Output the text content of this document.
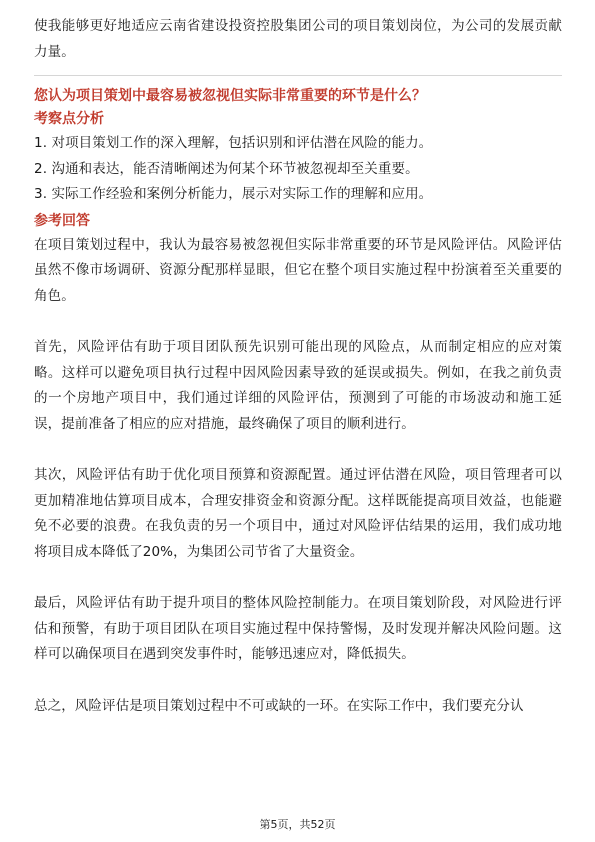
使我能够更好地适应云南省建设投资控股集团公司的项目策划岗位，为公司的发展贡献力量。

您认为项目策划中最容易被忽视但实际非常重要的环节是什么？

考察点分析

1. 对项目策划工作的深入理解，包括识别和评估潜在风险的能力。

2. 沟通和表达，能否清晰阐述为何某个环节被忽视却至关重要。

3. 实际工作经验和案例分析能力，展示对实际工作的理解和应用。

参考回答

在项目策划过程中，我认为最容易被忽视但实际非常重要的环节是风险评估。风险评估虽然不像市场调研、资源分配那样显眼，但它在整个项目实施过程中扮演着至关重要的角色。

首先，风险评估有助于项目团队预先识别可能出现的风险点，从而制定相应的应对策略。这样可以避免项目执行过程中因风险因素导致的延误或损失。例如，在我之前负责的一个房地产项目中，我们通过详细的风险评估，预测到了可能的市场波动和施工延误，提前准备了相应的应对措施，最终确保了项目的顺利进行。

其次，风险评估有助于优化项目预算和资源配置。通过评估潜在风险，项目管理者可以更加精准地估算项目成本，合理安排资金和资源分配。这样既能提高项目效益，也能避免不必要的浪费。在我负责的另一个项目中，通过对风险评估结果的运用，我们成功地将项目成本降低了20%，为集团公司节省了大量资金。

最后，风险评估有助于提升项目的整体风险控制能力。在项目策划阶段，对风险进行评估和预警，有助于项目团队在项目实施过程中保持警惕，及时发现并解决风险问题。这样可以确保项目在遇到突发事件时，能够迅速应对，降低损失。

总之，风险评估是项目策划过程中不可或缺的一环。在实际工作中，我们要充分认

第5页，共52页
